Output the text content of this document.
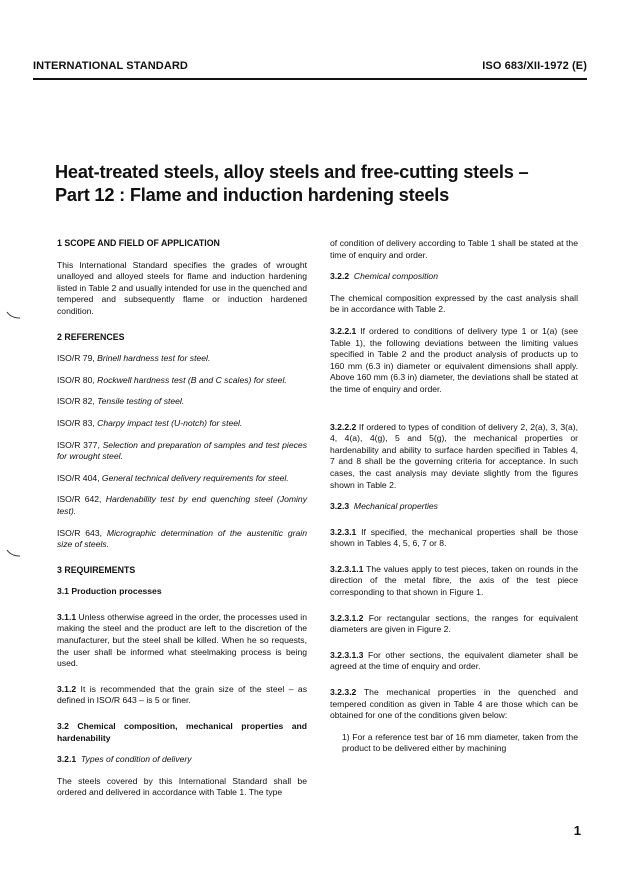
INTERNATIONAL STANDARD	ISO 683/XII-1972 (E)
Heat-treated steels, alloy steels and free-cutting steels –
Part 12 : Flame and induction hardening steels

1 SCOPE AND FIELD OF APPLICATION

This International Standard specifies the grades of wrought unalloyed and alloyed steels for flame and induction hardening listed in Table 2 and usually intended for use in the quenched and tempered and subsequently flame or induction hardened condition.

2 REFERENCES

ISO/R 79, Brinell hardness test for steel.

ISO/R 80, Rockwell hardness test (B and C scales) for steel.

ISO/R 82, Tensile testing of steel.

ISO/R 83, Charpy impact test (U-notch) for steel.

ISO/R 377, Selection and preparation of samples and test pieces for wrought steel.

ISO/R 404, General technical delivery requirements for steel.

ISO/R 642, Hardenability test by end quenching steel (Jominy test).

ISO/R 643, Micrographic determination of the austenitic grain size of steels.

3 REQUIREMENTS

3.1 Production processes

3.1.1 Unless otherwise agreed in the order, the processes used in making the steel and the product are left to the discretion of the manufacturer, but the steel shall be killed. When he so requests, the user shall be informed what steelmaking process is being used.

3.1.2 It is recommended that the grain size of the steel – as defined in ISO/R 643 – is 5 or finer.

3.2 Chemical composition, mechanical properties and hardenability

3.2.1 Types of condition of delivery

The steels covered by this International Standard shall be ordered and delivered in accordance with Table 1. The type

of condition of delivery according to Table 1 shall be stated at the time of enquiry and order.

3.2.2 Chemical composition

The chemical composition expressed by the cast analysis shall be in accordance with Table 2.

3.2.2.1 If ordered to conditions of delivery type 1 or 1(a) (see Table 1), the following deviations between the limiting values specified in Table 2 and the product analysis of products up to 160 mm (6.3 in) diameter or equivalent dimensions shall apply. Above 160 mm (6.3 in) diameter, the deviations shall be stated at the time of enquiry and order.

3.2.2.2 If ordered to types of condition of delivery 2, 2(a), 3, 3(a), 4, 4(a), 4(g), 5 and 5(g), the mechanical properties or hardenability and ability to surface harden specified in Tables 4, 7 and 8 shall be the governing criteria for acceptance. In such cases, the cast analysis may deviate slightly from the figures shown in Table 2.

3.2.3 Mechanical properties

3.2.3.1 If specified, the mechanical properties shall be those shown in Tables 4, 5, 6, 7 or 8.

3.2.3.1.1 The values apply to test pieces, taken on rounds in the direction of the metal fibre, the axis of the test piece corresponding to that shown in Figure 1.

3.2.3.1.2 For rectangular sections, the ranges for equivalent diameters are given in Figure 2.

3.2.3.1.3 For other sections, the equivalent diameter shall be agreed at the time of enquiry and order.

3.2.3.2 The mechanical properties in the quenched and tempered condition as given in Table 4 are those which can be obtained for one of the conditions given below:

1) For a reference test bar of 16 mm diameter, taken from the product to be delivered either by machining

1
